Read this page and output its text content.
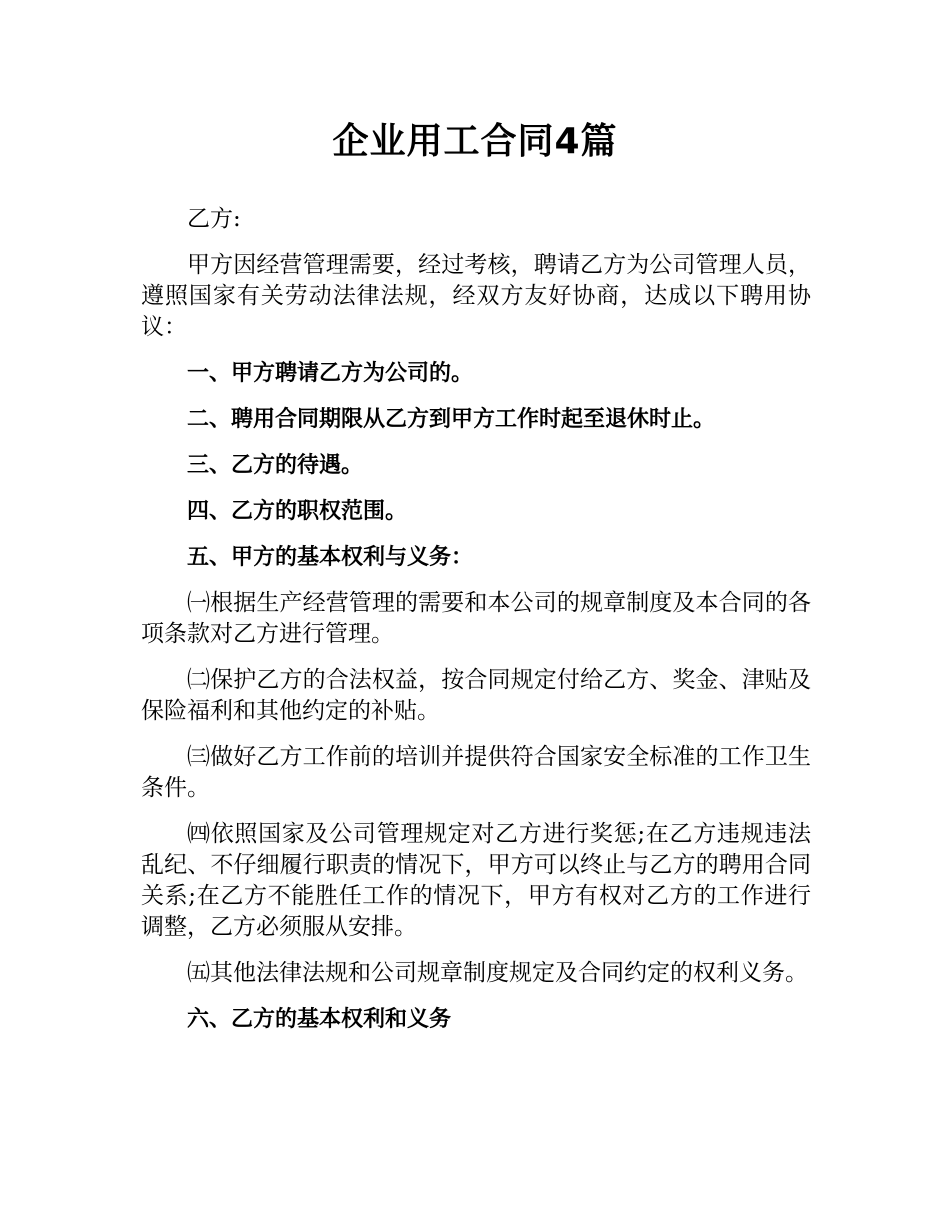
企业用工合同4篇

乙方:

甲方因经营管理需要，经过考核，聘请乙方为公司管理人员，遵照国家有关劳动法律法规，经双方友好协商，达成以下聘用协议：

一、甲方聘请乙方为公司的。

二、聘用合同期限从乙方到甲方工作时起至退休时止。

三、乙方的待遇。

四、乙方的职权范围。

五、甲方的基本权利与义务：

㈠根据生产经营管理的需要和本公司的规章制度及本合同的各项条款对乙方进行管理。

㈡保护乙方的合法权益，按合同规定付给乙方、奖金、津贴及保险福利和其他约定的补贴。

㈢做好乙方工作前的培训并提供符合国家安全标准的工作卫生条件。

㈣依照国家及公司管理规定对乙方进行奖惩;在乙方违规违法乱纪、不仔细履行职责的情况下，甲方可以终止与乙方的聘用合同关系;在乙方不能胜任工作的情况下，甲方有权对乙方的工作进行调整，乙方必须服从安排。

㈤其他法律法规和公司规章制度规定及合同约定的权利义务。

六、乙方的基本权利和义务
